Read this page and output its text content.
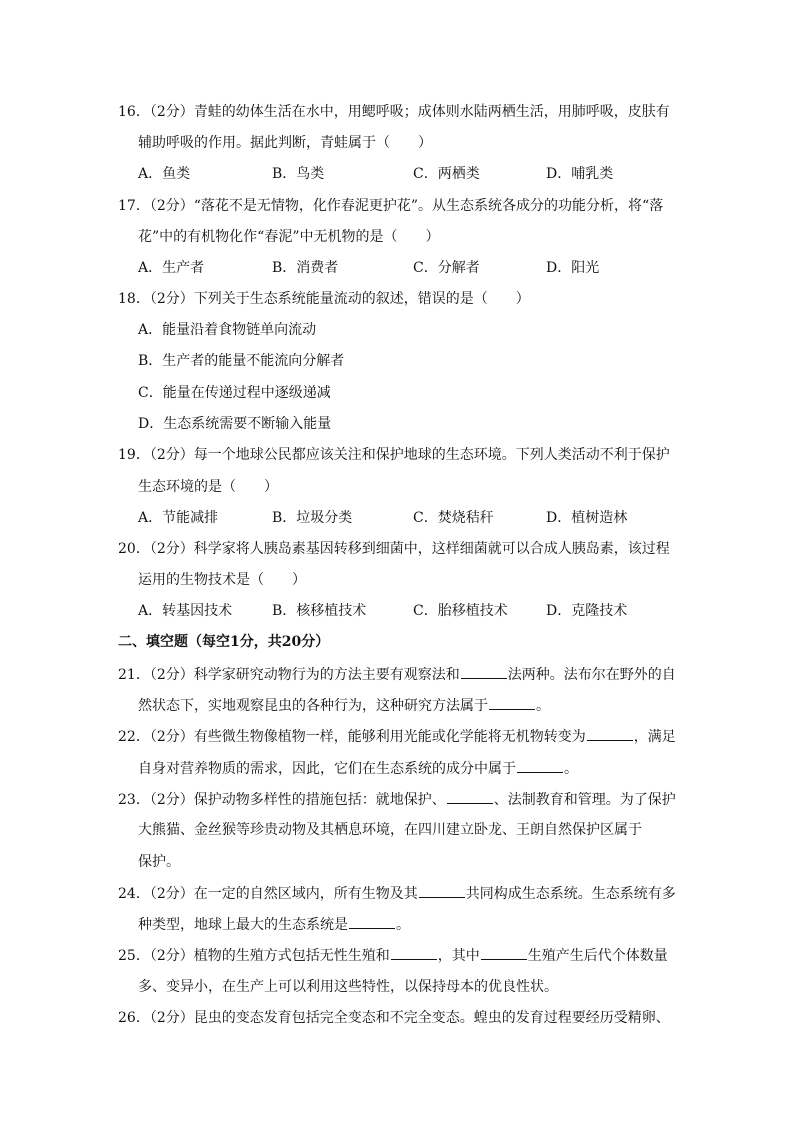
16．（2分）青蛙的幼体生活在水中，用鳃呼吸；成体则水陆两栖生活，用肺呼吸，皮肤有
辅助呼吸的作用。据此判断，青蛙属于（　　）
A．鱼类	B．鸟类	C．两栖类	D．哺乳类
17．（2分）“落花不是无情物，化作春泥更护花”。从生态系统各成分的功能分析，将“落
花”中的有机物化作“春泥”中无机物的是（　　）
A．生产者	B．消费者	C．分解者	D．阳光
18．（2分）下列关于生态系统能量流动的叙述，错误的是（　　）
A．能量沿着食物链单向流动
B．生产者的能量不能流向分解者
C．能量在传递过程中逐级递减
D．生态系统需要不断输入能量
19．（2分）每一个地球公民都应该关注和保护地球的生态环境。下列人类活动不利于保护
生态环境的是（　　）
A．节能减排	B．垃圾分类	C．焚烧秸秆	D．植树造林
20．（2分）科学家将人胰岛素基因转移到细菌中，这样细菌就可以合成人胰岛素，该过程
运用的生物技术是（　　）
A．转基因技术	B．核移植技术	C．胎移植技术	D．克隆技术
二、填空题（每空1分，共20分）
21．（2分）科学家研究动物行为的方法主要有观察法和	法两种。法布尔在野外的自
然状态下，实地观察昆虫的各种行为，这种研究方法属于	。
22．（2分）有些微生物像植物一样，能够利用光能或化学能将无机物转变为	，满足
自身对营养物质的需求，因此，它们在生态系统的成分中属于	。
23．（2分）保护动物多样性的措施包括：就地保护、	、法制教育和管理。为了保护
大熊猫、金丝猴等珍贵动物及其栖息环境，在四川建立卧龙、王朗自然保护区属于
保护。
24．（2分）在一定的自然区域内，所有生物及其	共同构成生态系统。生态系统有多
种类型，地球上最大的生态系统是	。
25．（2分）植物的生殖方式包括无性生殖和	，其中	生殖产生后代个体数量
多、变异小，在生产上可以利用这些特性，以保持母本的优良性状。
26．（2分）昆虫的变态发育包括完全变态和不完全变态。蝗虫的发育过程要经历受精卵、
